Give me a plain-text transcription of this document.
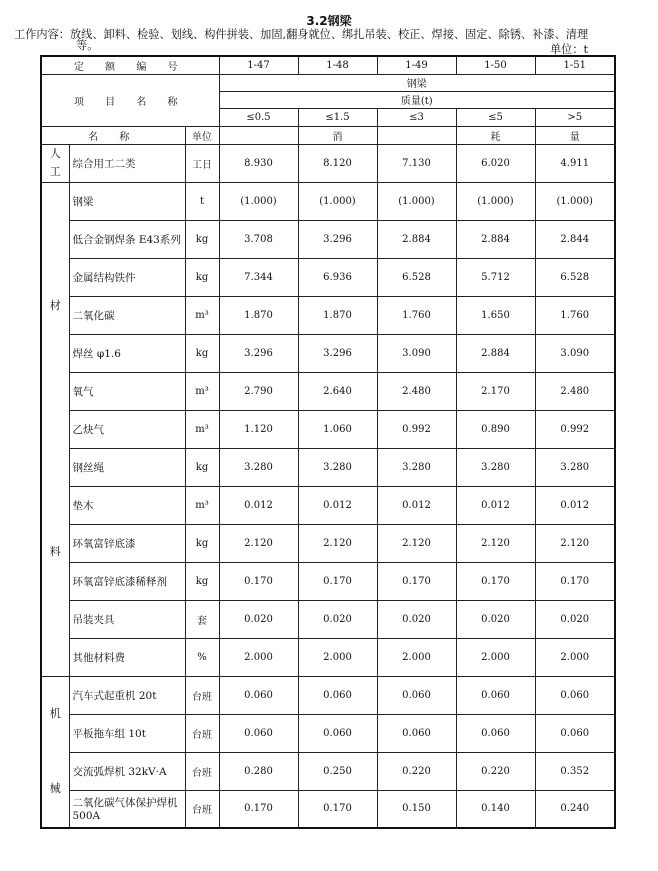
3.2钢梁
工作内容：放线、卸料、检验、划线、构件拼装、加固,翻身就位、绑扎吊装、校正、焊接、固定、除锈、补漆、清理
等。	单位：t
定 额 编 号			1-47	1-48	1-49	1-50	1-51
项 目 名 称			钢梁				
			质量(t)				
			≤0.5	≤1.5	≤3	≤5	>5
名 称		单位		消		耗	量

人
工	综合用工二类	工日	8.930	8.120	7.130	6.020	4.911

材
料	钢梁	t	(1.000)	(1.000)	(1.000)	(1.000)	(1.000)
	低合金钢焊条 E43系列	kg	3.708	3.296	2.884	2.884	2.844
	金属结构铁件	kg	7.344	6.936	6.528	5.712	6.528
	二氧化碳	m³	1.870	1.870	1.760	1.650	1.760
	焊丝 φ1.6	kg	3.296	3.296	3.090	2.884	3.090
	氧气	m³	2.790	2.640	2.480	2.170	2.480
	乙炔气	m³	1.120	1.060	0.992	0.890	0.992
	钢丝绳	kg	3.280	3.280	3.280	3.280	3.280
	垫木	m³	0.012	0.012	0.012	0.012	0.012
	环氧富锌底漆	kg	2.120	2.120	2.120	2.120	2.120
	环氧富锌底漆稀释剂	kg	0.170	0.170	0.170	0.170	0.170
	吊装夹具	套	0.020	0.020	0.020	0.020	0.020
	其他材料费	%	2.000	2.000	2.000	2.000	2.000

机
械	汽车式起重机 20t	台班	0.060	0.060	0.060	0.060	0.060
	平板拖车组 10t	台班	0.060	0.060	0.060	0.060	0.060
	交流弧焊机 32kV·A	台班	0.280	0.250	0.220	0.220	0.352
	二氧化碳气体保护焊机 500A	台班	0.170	0.170	0.150	0.140	0.240
